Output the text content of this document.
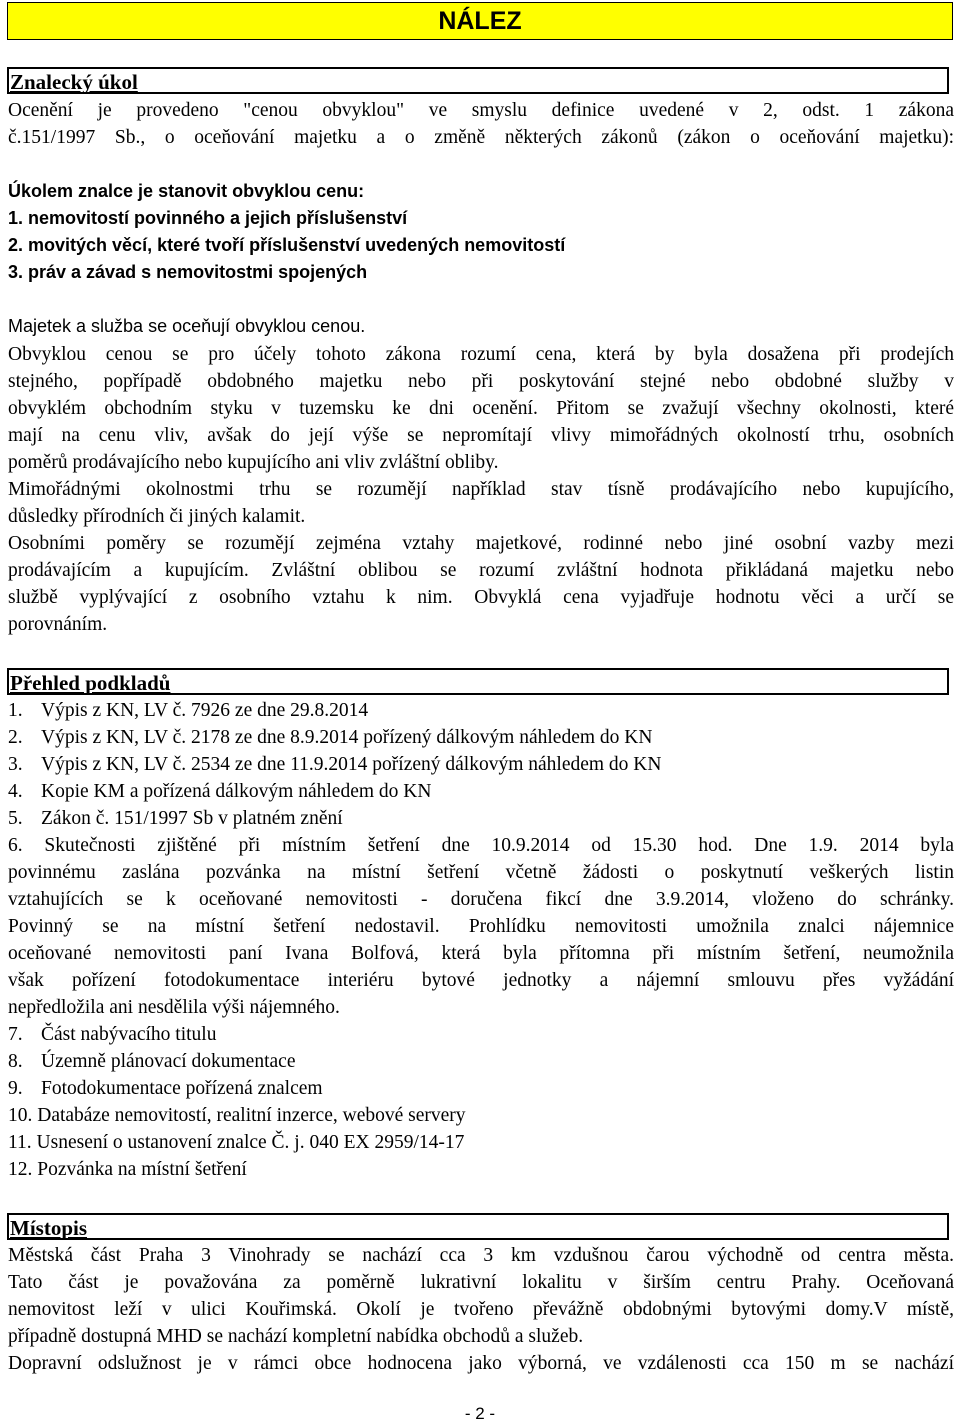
NÁLEZ
Znalecký úkol
Ocenění je provedeno "cenou obvyklou" ve smyslu definice uvedené v 2, odst. 1 zákona
č.151/1997 Sb., o oceňování majetku a o změně některých zákonů (zákon o oceňování majetku):
Úkolem znalce je stanovit obvyklou cenu:
1. nemovitostí povinného a jejich příslušenství
2. movitých věcí, které tvoří příslušenství uvedených nemovitostí
3. práv a závad s nemovitostmi spojených
Majetek a služba se oceňují obvyklou cenou.
Obvyklou cenou se pro účely tohoto zákona rozumí cena, která by byla dosažena při prodejích
stejného, popřípadě obdobného majetku nebo při poskytování stejné nebo obdobné služby v
obvyklém obchodním styku v tuzemsku ke dni ocenění. Přitom se zvažují všechny okolnosti, které
mají na cenu vliv, avšak do její výše se nepromítají vlivy mimořádných okolností trhu, osobních
poměrů prodávajícího nebo kupujícího ani vliv zvláštní obliby.
Mimořádnými okolnostmi trhu se rozumějí například stav tísně prodávajícího nebo kupujícího,
důsledky přírodních či jiných kalamit.
Osobními poměry se rozumějí zejména vztahy majetkové, rodinné nebo jiné osobní vazby mezi
prodávajícím a kupujícím. Zvláštní oblibou se rozumí zvláštní hodnota přikládaná majetku nebo
službě vyplývající z osobního vztahu k nim. Obvyklá cena vyjadřuje hodnotu věci a určí se
porovnáním.
Přehled podkladů
1. Výpis z KN, LV č. 7926 ze dne 29.8.2014
2. Výpis z KN, LV č. 2178 ze dne 8.9.2014 pořízený dálkovým náhledem do KN
3. Výpis z KN, LV č. 2534 ze dne 11.9.2014 pořízený dálkovým náhledem do KN
4. Kopie KM a pořízená dálkovým náhledem do KN
5. Zákon č. 151/1997 Sb v platném znění
6. Skutečnosti zjištěné při místním šetření dne 10.9.2014 od 15.30 hod. Dne 1.9. 2014 byla
povinnému zaslána pozvánka na místní šetření včetně žádosti o poskytnutí veškerých listin
vztahujících se k oceňované nemovitosti - doručena fikcí dne 3.9.2014, vloženo do schránky.
Povinný se na místní šetření nedostavil. Prohlídku nemovitosti umožnila znalci nájemnice
oceňované nemovitosti paní Ivana Bolfová, která byla přítomna při místním šetření, neumožnila
však pořízení fotodokumentace interiéru bytové jednotky a nájemní smlouvu přes vyžádání
nepředložila ani nesdělila výši nájemného.
7. Část nabývacího titulu
8. Územně plánovací dokumentace
9. Fotodokumentace pořízená znalcem
10. Databáze nemovitostí, realitní inzerce, webové servery
11. Usnesení o ustanovení znalce Č. j. 040 EX 2959/14-17
12. Pozvánka na místní šetření
Místopis
Městská část Praha 3 Vinohrady se nachází cca 3 km vzdušnou čarou východně od centra města.
Tato část je považována za poměrně lukrativní lokalitu v širším centru Prahy. Oceňovaná
nemovitost leží v ulici Kouřimská. Okolí je tvořeno převážně obdobnými bytovými domy.V místě,
případně dostupná MHD se nachází kompletní nabídka obchodů a služeb.
Dopravní odslužnost je v rámci obce hodnocena jako výborná, ve vzdálenosti cca 150 m se nachází
- 2 -
